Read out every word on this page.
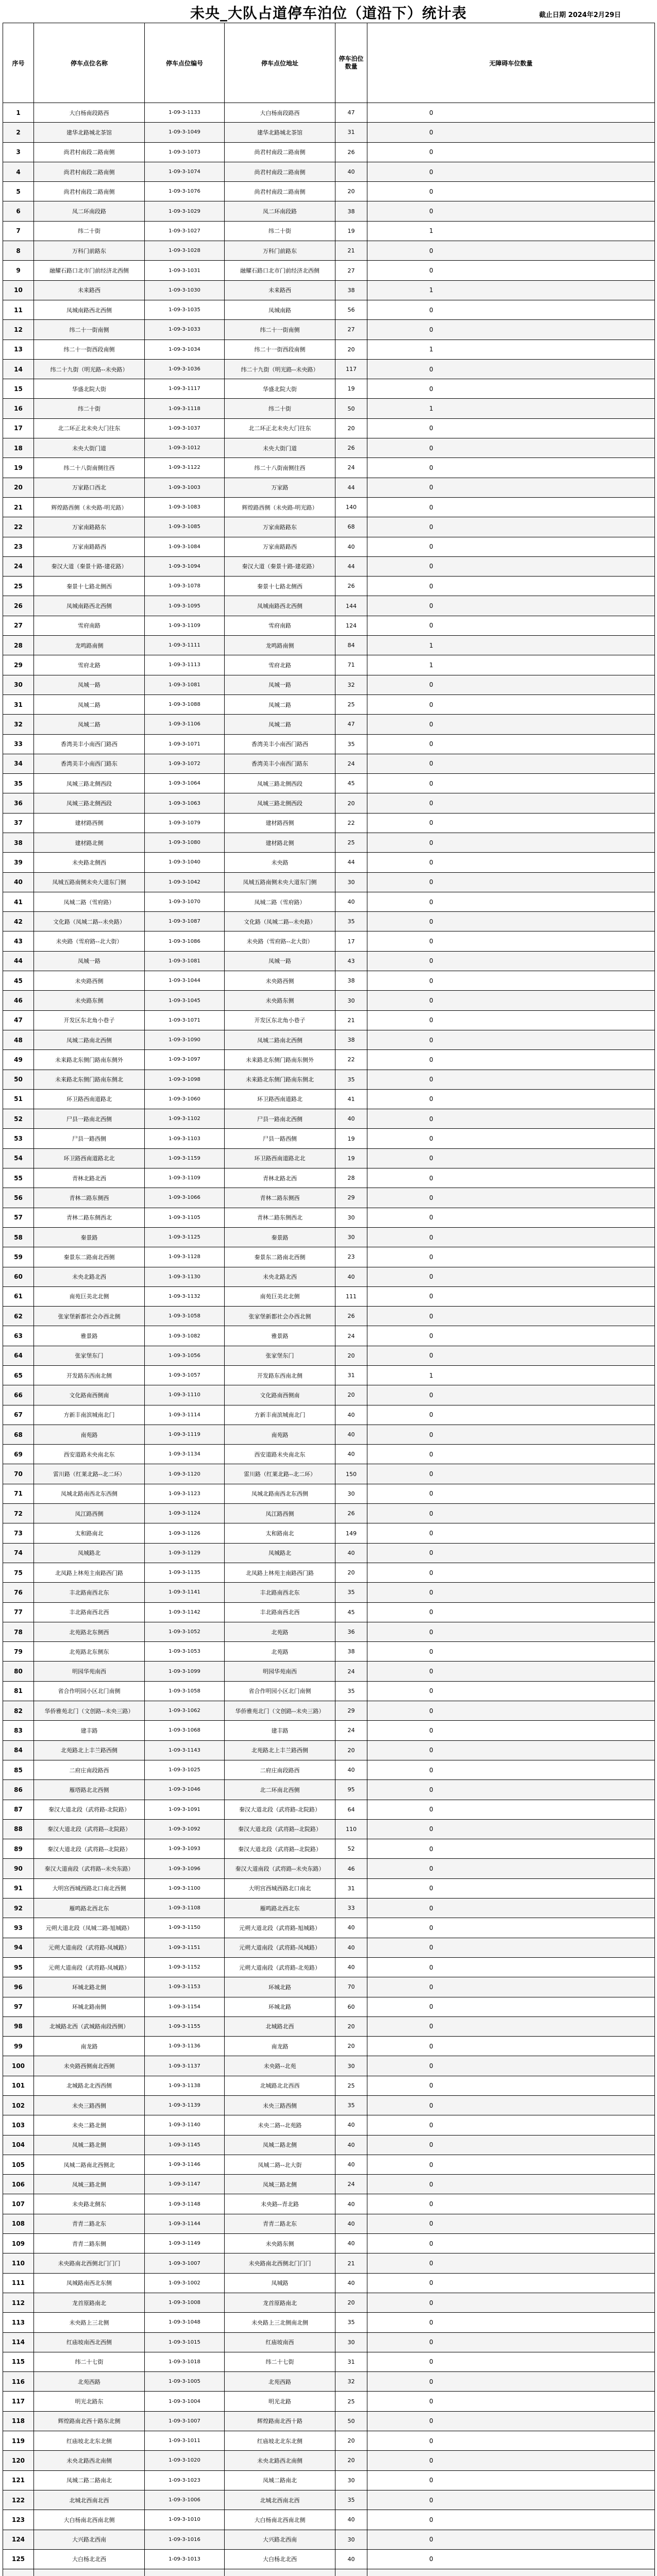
未央_大队占道停车泊位（道沿下）统计表	截止日期 2024年2月29日
序号	停车点位名称	停车点位编号	停车点位地址	停车泊位数量	无障碍车位数量
1	大白杨南段路西	1-09-3-1133	大白杨南段路西	47	0
2	建华北路城北茶馆	1-09-3-1049	建华北路城北茶馆	31	0
3	尚君村南段二路南侧	1-09-3-1073	尚君村南段二路南侧	26	0
4	尚君村南段二路南侧	1-09-3-1074	尚君村南段二路南侧	40	0
5	尚君村南段二路南侧	1-09-3-1076	尚君村南段二路南侧	20	0
6	凤二环南段路	1-09-3-1029	凤二环南段路	38	0
7	纬二十街	1-09-3-1027	纬二十街	19	1
8	万科门前路东	1-09-3-1028	万科门前路东	21	0
9	融耀石路口北市门前经济北西侧	1-09-3-1031	融耀石路口北市门前经济北西侧	27	0
10	未来路西	1-09-3-1030	未来路西	38	1
11	凤城南路西北西侧	1-09-3-1035	凤城南路	56	0
12	纬二十一街南侧	1-09-3-1033	纬二十一街南侧	27	0
13	纬二十一街西段南侧	1-09-3-1034	纬二十一街西段南侧	20	1
14	纬二十九街（明光路--未央路）	1-09-3-1036	纬二十九街（明光路--未央路）	117	0
15	华盛北院大街	1-09-3-1117	华盛北院大街	19	0
16	纬二十街	1-09-3-1118	纬二十街	50	1
17	北二环正北未央大门往东	1-09-3-1037	北二环正北未央大门往东	20	0
18	未央大街门道	1-09-3-1012	未央大街门道	26	0
19	纬二十八街南侧往西	1-09-3-1122	纬二十八街南侧往西	24	0
20	万家路口西北	1-09-3-1003	万家路	44	0
21	辉煌路西侧（未央路-明光路）	1-09-3-1083	辉煌路西侧（未央路-明光路）	140	0
22	万家南路路东	1-09-3-1085	万家南路路东	68	0
23	万家南路路西	1-09-3-1084	万家南路路西	40	0
24	秦汉大道（秦景十路-建花路）	1-09-3-1094	秦汉大道（秦景十路-建花路）	44	0
25	秦景十七路北侧西	1-09-3-1078	秦景十七路北侧西	26	0
26	凤城南路西北西侧	1-09-3-1095	凤城南路西北西侧	144	0
27	雪府南路	1-09-3-1109	雪府南路	124	0
28	龙鸣路南侧	1-09-3-1111	龙鸣路南侧	84	1
29	雪府北路	1-09-3-1113	雪府北路	71	1
30	凤城一路	1-09-3-1081	凤城一路	32	0
31	凤城二路	1-09-3-1088	凤城二路	25	0
32	凤城二路	1-09-3-1106	凤城二路	47	0
33	香湾美丰小南西门路西	1-09-3-1071	香湾美丰小南西门路西	35	0
34	香湾美丰小南西门路东	1-09-3-1072	香湾美丰小南西门路东	24	0
35	凤城三路北侧西段	1-09-3-1064	凤城三路北侧西段	45	0
36	凤城三路北侧西段	1-09-3-1063	凤城三路北侧西段	20	0
37	建材路西侧	1-09-3-1079	建材路西侧	22	0
38	建材路北侧	1-09-3-1080	建材路北侧	25	0
39	未央路北侧西	1-09-3-1040	未央路	44	0
40	凤城五路南侧未央大道东门侧	1-09-3-1042	凤城五路南侧未央大道东门侧	30	0
41	凤城二路（雪府路）	1-09-3-1070	凤城二路（雪府路）	40	0
42	文化路（凤城二路--未央路）	1-09-3-1087	文化路（凤城二路--未央路）	35	0
43	未央路（雪府路--北大街）	1-09-3-1086	未央路（雪府路--北大街）	17	0
44	凤城一路	1-09-3-1081	凤城一路	43	0
45	未央路西侧	1-09-3-1044	未央路西侧	38	0
46	未央路东侧	1-09-3-1045	未央路东侧	30	0
47	开发区东北角小巷子	1-09-3-1071	开发区东北角小巷子	21	0
48	凤城二路南北西侧	1-09-3-1090	凤城二路南北西侧	38	0
49	未来路北东侧门路南东侧外	1-09-3-1097	未来路北东侧门路南东侧外	22	0
50	未来路北东侧门路南东侧北	1-09-3-1098	未来路北东侧门路南东侧北	35	0
51	环卫路西南道路北	1-09-3-1060	环卫路西南道路北	41	0
52	尸县一路南北西侧	1-09-3-1102	尸县一路南北西侧	40	0
53	尸县一路西侧	1-09-3-1103	尸县一路西侧	19	0
54	环卫路西南道路北北	1-09-3-1159	环卫路西南道路北北	19	0
55	青林北路北西	1-09-3-1109	青林北路北西	28	0
56	青林二路东侧西	1-09-3-1066	青林二路东侧西	29	0
57	青林二路东侧西北	1-09-3-1105	青林二路东侧西北	30	0
58	秦景路	1-09-3-1125	秦景路	30	0
59	秦景东二路南北西侧	1-09-3-1128	秦景东二路南北西侧	23	0
60	未央北路北西	1-09-3-1130	未央北路北西	40	0
61	南苑巨美北北侧	1-09-3-1132	南苑巨美北北侧	111	0
62	张家堡新都社会办西北侧	1-09-3-1058	张家堡新都社会办西北侧	26	0
63	雅景路	1-09-3-1082	雅景路	24	0
64	张家堡东门	1-09-3-1056	张家堡东门	20	0
65	开发路东西南北侧	1-09-3-1057	开发路东西南北侧	31	1
66	文化路南西侧南	1-09-3-1110	文化路南西侧南	20	0
67	方新丰南滨城南北门	1-09-3-1114	方新丰南滨城南北门	40	0
68	南苑路	1-09-3-1119	南苑路	40	0
69	西安道路未央南北东	1-09-3-1134	西安道路未央南北东	40	0
70	雷川路（红莱北路--北二环）	1-09-3-1120	雷川路（红莱北路--北二环）	150	0
71	凤城北路南西北东西侧	1-09-3-1123	凤城北路南西北东西侧	30	0
72	凤江路西侧	1-09-3-1124	凤江路西侧	26	0
73	太和路南北	1-09-3-1126	太和路南北	149	0
74	凤城路北	1-09-3-1129	凤城路北	40	0
75	北凤路上林苑主南路西门路	1-09-3-1135	北凤路上林苑主南路西门路	20	0
76	丰北路南西北东	1-09-3-1141	丰北路南西北东	35	0
77	丰北路南西北西	1-09-3-1142	丰北路南西北西	45	0
78	北苑路北东侧西	1-09-3-1052	北苑路	36	0
79	北苑路北东侧东	1-09-3-1053	北苑路	38	0
80	明园华苑南西	1-09-3-1099	明园华苑南西	24	0
81	省合作明园小区北门南侧	1-09-3-1058	省合作明园小区北门南侧	35	0
82	华侨雅苑北门（文创路--未央三路）	1-09-3-1062	华侨雅苑北门（文创路--未央三路）	29	0
83	建丰路	1-09-3-1068	建丰路	24	0
84	北苑路北上丰兰路西侧	1-09-3-1143	北苑路北上丰兰路西侧	20	0
85	二府庄南段路西	1-09-3-1025	二府庄南段路西	40	0
86	雁塔路北北西侧	1-09-3-1046	北二环南北西侧	95	0
87	秦汉大道北段（武将路-北院路）	1-09-3-1091	秦汉大道北段（武将路-北院路）	64	0
88	秦汉大道北段（武将路--北院路）	1-09-3-1092	秦汉大道北段（武将路--北院路）	110	0
89	秦汉大道北段（武将路--北院路）	1-09-3-1093	秦汉大道北段（武将路--北院路）	52	0
90	秦汉大道南段（武将路--未央东路）	1-09-3-1096	秦汉大道南段（武将路--未央东路）	46	0
91	大明宫西城西路北口南北西侧	1-09-3-1100	大明宫西城西路北口南北	31	0
92	雁鸣路北西北东	1-09-3-1108	雁鸣路北西北东	33	0
93	元朔大道北段（凤城二路-旭城路）	1-09-3-1150	元朔大道北段（武将路-旭城路）	40	0
94	元朔大道南段（武将路-凤城路）	1-09-3-1151	元朔大道南段（武将路-凤城路）	40	0
95	元朔大道南段（武将路-凤城路）	1-09-3-1152	元朔大道南段（武将路-北苑路）	40	0
96	环城北路北侧	1-09-3-1153	环城北路	70	0
97	环城北路南侧	1-09-3-1154	环城北路	60	0
98	北城路北西（武城路南段西侧）	1-09-3-1155	北城路北西	20	0
99	南龙路	1-09-3-1136	南龙路	20	0
100	未央路西侧南北西侧	1-09-3-1137	未央路--北苑	30	0
101	北城路北北西西侧	1-09-3-1138	北城路北北西西	25	0
102	未央三路西侧	1-09-3-1139	未央三路西侧	35	0
103	未央二路北侧	1-09-3-1140	未央二路--北苑路	40	0
104	凤城二路北侧	1-09-3-1145	凤城二路北侧	40	0
105	凤城二路南北西侧北	1-09-3-1146	凤城二路--北大街	40	0
106	凤城三路北侧	1-09-3-1147	凤城三路北侧	24	0
107	未央路北侧东	1-09-3-1148	未央路--青北路	40	0
108	青青二路北东	1-09-3-1144	青青二路北东	40	0
109	青青二路东侧	1-09-3-1149	未央路东侧	40	0
110	未央路南北西侧北门门门	1-09-3-1007	未央路南北西侧北门门门	21	0
111	凤城路南西北东侧	1-09-3-1002	凤城路	40	0
112	龙首原路南北	1-09-3-1008	龙首原路南北	20	0
113	未央路上三北侧	1-09-3-1048	未央路上三北侧南北侧	35	0
114	红庙坡南西北西侧	1-09-3-1015	红庙坡南西	30	0
115	纬二十七街	1-09-3-1018	纬二十七街	31	0
116	北苑西路	1-09-3-1005	北苑西路	32	0
117	明光北路东	1-09-3-1004	明光北路	25	0
118	辉煌路南北西十路东北侧	1-09-3-1007	辉煌路南北西十路	50	0
119	红庙坡北北东北侧	1-09-3-1011	红庙坡北北东北侧	20	0
120	未央北路西北南侧	1-09-3-1020	未央北路西北南侧	20	0
121	凤城二路二路南北	1-09-3-1023	凤城二路南北	30	0
122	北城北西南北西	1-09-3-1006	北城北西南北西	35	0
123	大白杨南北西南北侧	1-09-3-1010	大白杨南北西南北侧	40	0
124	大兴路北西南	1-09-3-1016	大兴路北西南	30	0
125	大白杨北北西	1-09-3-1013	大白杨北北西	40	0
